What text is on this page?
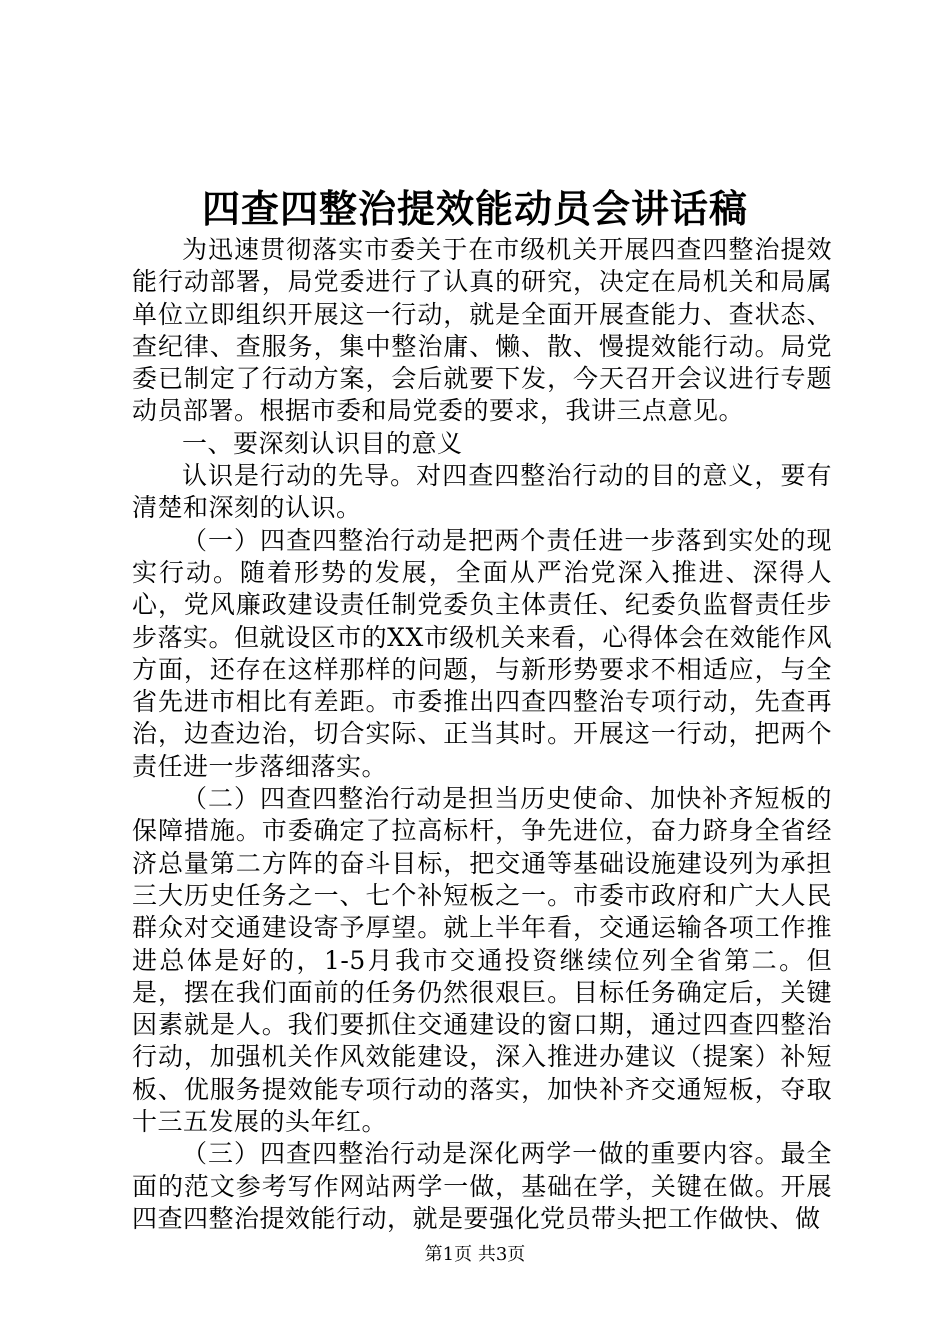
四查四整治提效能动员会讲话稿

为迅速贯彻落实市委关于在市级机关开展四查四整治提效能行动部署，局党委进行了认真的研究，决定在局机关和局属单位立即组织开展这一行动，就是全面开展查能力、查状态、查纪律、查服务，集中整治庸、懒、散、慢提效能行动。局党委已制定了行动方案，会后就要下发，今天召开会议进行专题动员部署。根据市委和局党委的要求，我讲三点意见。

一、要深刻认识目的意义

认识是行动的先导。对四查四整治行动的目的意义，要有清楚和深刻的认识。

（一）四查四整治行动是把两个责任进一步落到实处的现实行动。随着形势的发展，全面从严治党深入推进、深得人心，党风廉政建设责任制党委负主体责任、纪委负监督责任步步落实。但就设区市的XX市级机关来看，心得体会在效能作风方面，还存在这样那样的问题，与新形势要求不相适应，与全省先进市相比有差距。市委推出四查四整治专项行动，先查再治，边查边治，切合实际、正当其时。开展这一行动，把两个责任进一步落细落实。

（二）四查四整治行动是担当历史使命、加快补齐短板的保障措施。市委确定了拉高标杆，争先进位，奋力跻身全省经济总量第二方阵的奋斗目标，把交通等基础设施建设列为承担三大历史任务之一、七个补短板之一。市委市政府和广大人民群众对交通建设寄予厚望。就上半年看，交通运输各项工作推进总体是好的，1-5月我市交通投资继续位列全省第二。但是，摆在我们面前的任务仍然很艰巨。目标任务确定后，关键因素就是人。我们要抓住交通建设的窗口期，通过四查四整治行动，加强机关作风效能建设，深入推进办建议（提案）补短板、优服务提效能专项行动的落实，加快补齐交通短板，夺取十三五发展的头年红。

（三）四查四整治行动是深化两学一做的重要内容。最全面的范文参考写作网站两学一做，基础在学，关键在做。开展四查四整治提效能行动，就是要强化党员带头把工作做快、做

第1页 共3页
